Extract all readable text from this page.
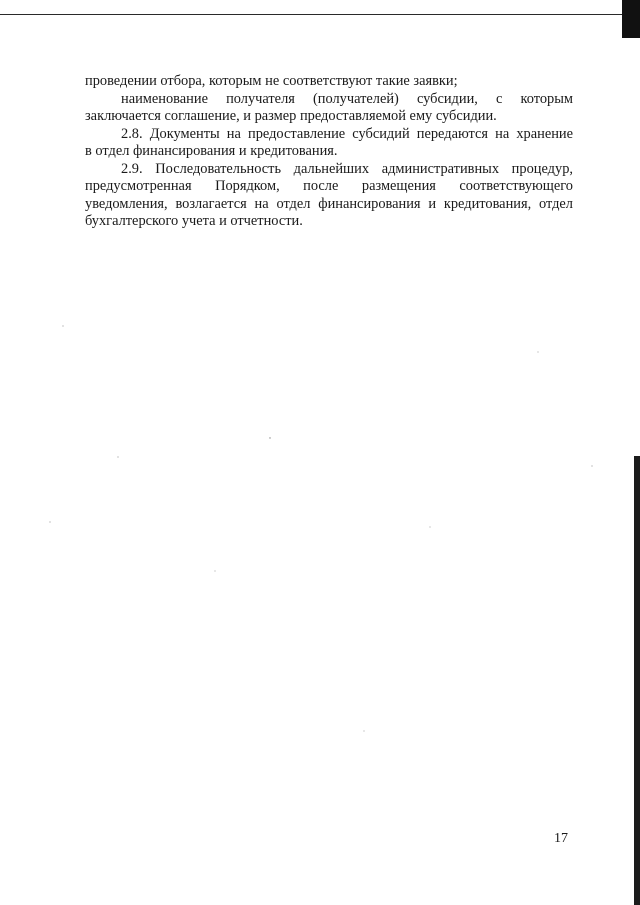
проведении отбора, которым не соответствуют такие заявки;

наименование получателя (получателей) субсидии, с которым

заключается соглашение, и размер предоставляемой ему субсидии.

2.8. Документы на предоставление субсидий передаются на хранение

в отдел финансирования и кредитования.

2.9. Последовательность дальнейших административных процедур,

предусмотренная Порядком, после размещения соответствующего

уведомления, возлагается на отдел финансирования и кредитования, отдел

бухгалтерского учета и отчетности.

17
